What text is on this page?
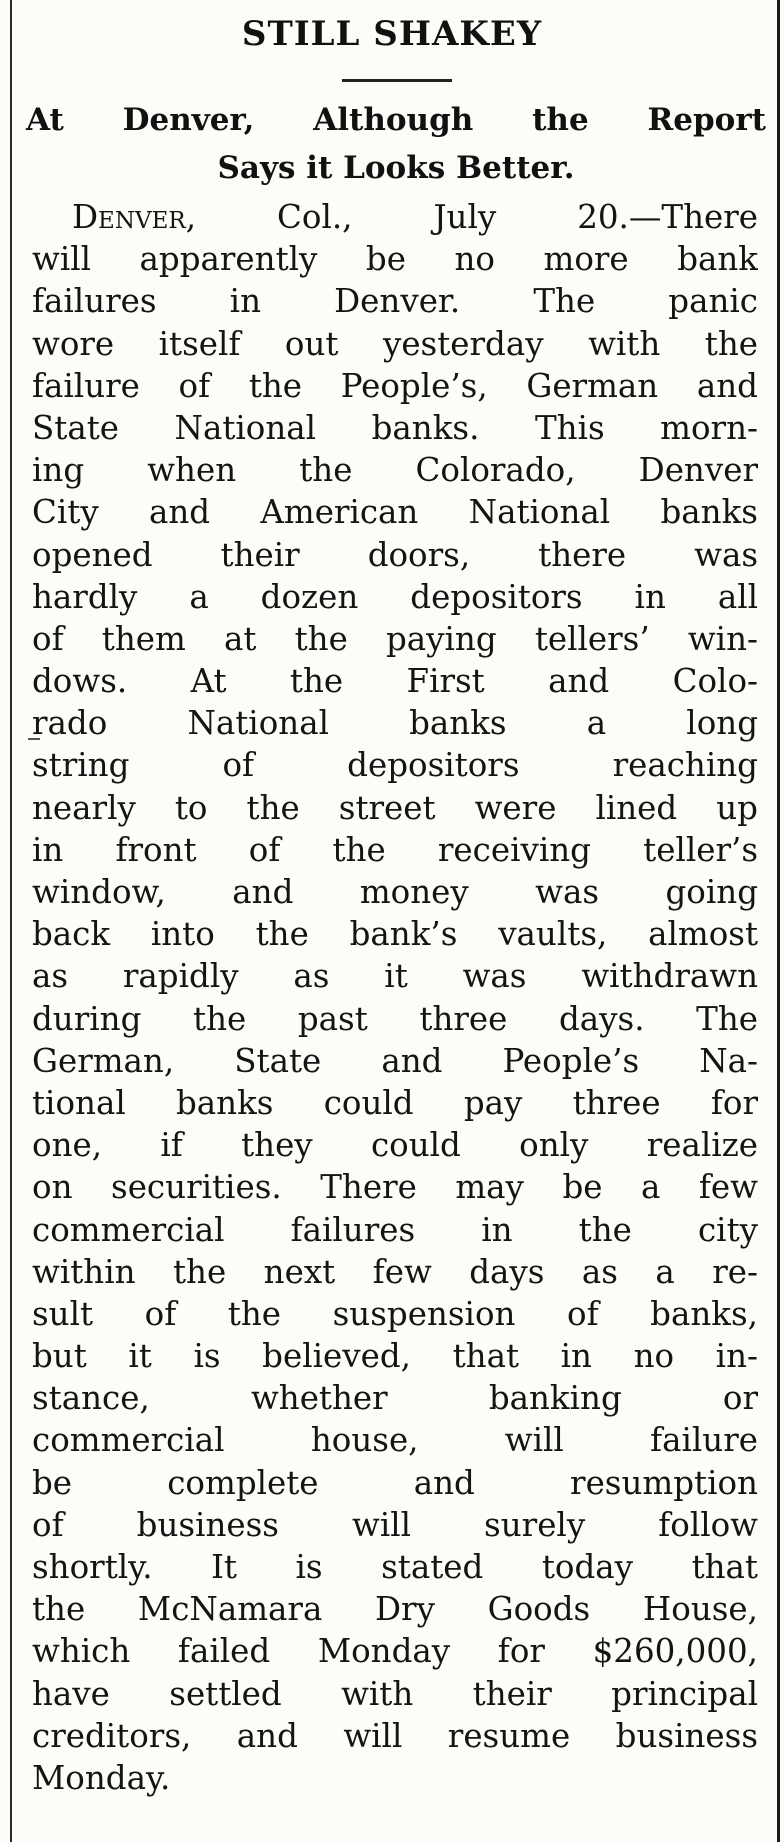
STILL SHAKEY
At Denver, Although the Report
Says it Looks Better.
Denver, Col., July 20.—There
will apparently be no more bank
failures in Denver. The panic
wore itself out yesterday with the
failure of the People’s, German and
State National banks. This morn-
ing when the Colorado, Denver
City and American National banks
opened their doors, there was
hardly a dozen depositors in all
of them at the paying tellers’ win-
dows. At the First and Colo-
rado National banks a long
string of depositors reaching
nearly to the street were lined up
in front of the receiving teller’s
window, and money was going
back into the bank’s vaults, almost
as rapidly as it was withdrawn
during the past three days. The
German, State and People’s Na-
tional banks could pay three for
one, if they could only realize
on securities. There may be a few
commercial failures in the city
within the next few days as a re-
sult of the suspension of banks,
but it is believed, that in no in-
stance, whether banking or
commercial house, will failure
be complete and resumption
of business will surely follow
shortly. It is stated today that
the McNamara Dry Goods House,
which failed Monday for $260,000,
have settled with their principal
creditors, and will resume business
Monday.
